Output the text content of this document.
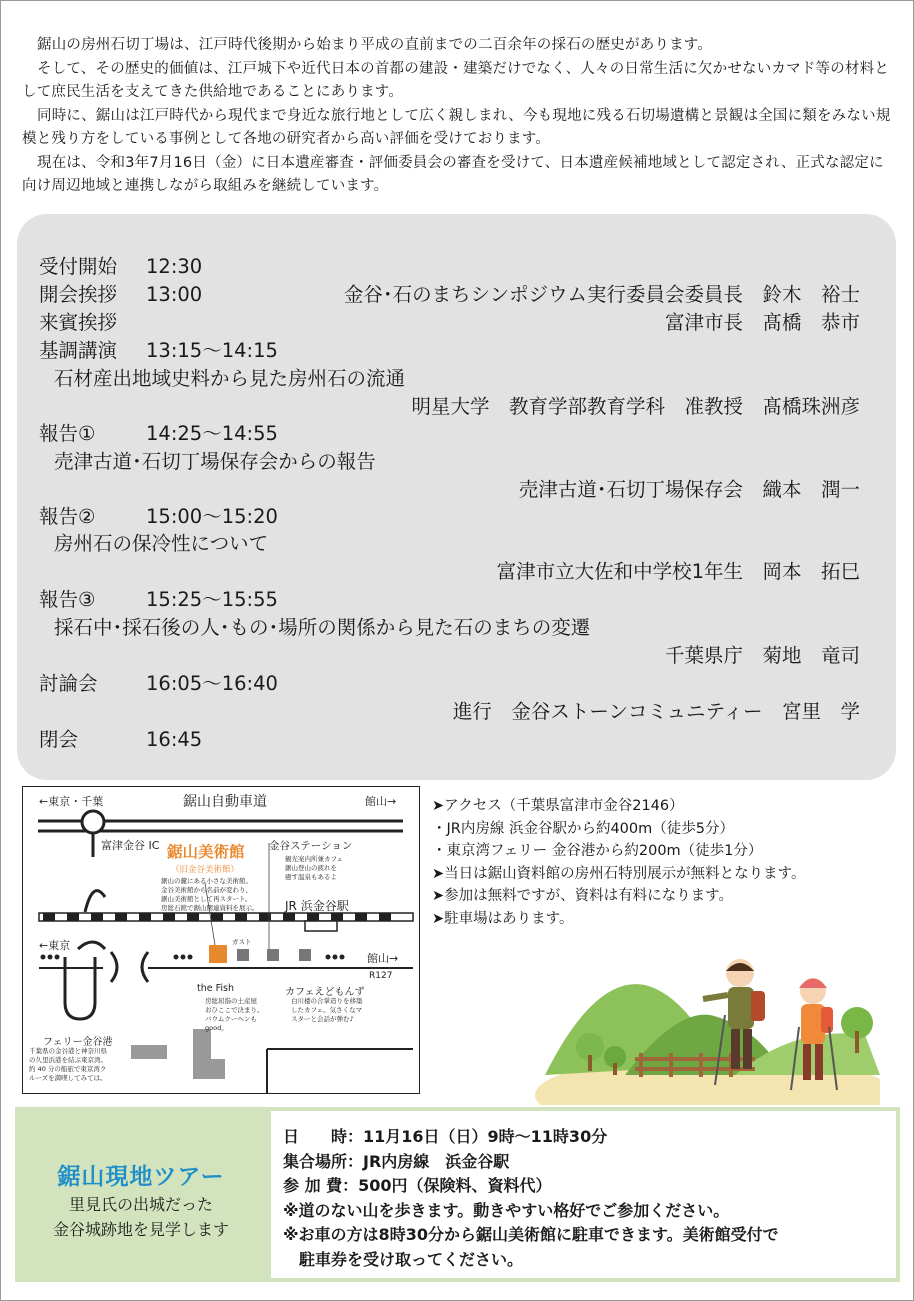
鋸山の房州石切丁場は、江戸時代後期から始まり平成の直前までの二百余年の採石の歴史があります。

そして、その歴史的価値は、江戸城下や近代日本の首都の建設・建築だけでなく、人々の日常生活に欠かせないカマド等の材料として庶民生活を支えてきた供給地であることにあります。

同時に、鋸山は江戸時代から現代まで身近な旅行地として広く親しまれ、今も現地に残る石切場遺構と景観は全国に類をみない規模と残り方をしている事例として各地の研究者から高い評価を受けております。

現在は、令和3年7月16日（金）に日本遺産審査・評価委員会の審査を受けて、日本遺産候補地域として認定され、正式な認定に向け周辺地域と連携しながら取組みを継続しています。

受付開始 12:30
開会挨拶 13:00	金谷･石のまちシンポジウム実行委員会委員長　鈴木　裕士
来賓挨拶	富津市長　髙橋　恭市
基調講演 13:15～14:15
石材産出地域史料から見た房州石の流通
明星大学　教育学部教育学科　准教授　髙橋珠洲彦
報告①	14:25～14:55
売津古道･石切丁場保存会からの報告
売津古道･石切丁場保存会　織本　潤一
報告②	15:00～15:20
房州石の保冷性について
富津市立大佐和中学校1年生　岡本　拓巳
報告③	15:25～15:55
採石中･採石後の人･もの･場所の関係から見た石のまちの変遷
千葉県庁　菊地　竜司
討論会 16:05～16:40
進行　金谷ストーンコミュニティー　宮里　学
閉会	16:45
←東京・千葉	鋸山自動車道	館山→
富津金谷 IC 鋸山美術館
（旧金谷美術館）
鋸山の麓にある小さな美術館。
金谷美術館から名前が変わり、
鋸山美術館として再スタート。
房総石館で鋸山関連資料を展示。
金谷ステーション
観光案内所兼カフェ
鋸山登山の疲れを
癒す温泉もあるよ
JR 浜金谷駅
←東京
館山→
ガスト
R127
the Fish
房総屈指の土産屋
おひここで決まり。
バウムクーヘンも
good。
カフェえどもんず
白川楼の合掌造りを移築
したカフェ。気さくなマ
スターと会話が弾む♪
フェリー金谷港
千葉県の金谷港と神奈川県
の久里浜港を結ぶ東京湾。
約 40 分の船旅で東京湾ク
ルーズを満喫してみては。
➤アクセス（千葉県富津市金谷2146）
・JR内房線 浜金谷駅から約400m（徒歩5分）
・東京湾フェリー 金谷港から約200m（徒歩1分）
➤当日は鋸山資料館の房州石特別展示が無料となります。
➤参加は無料ですが、資料は有料になります。
➤駐車場はあります。
鋸山現地ツアー
里見氏の出城だった
金谷城跡地を見学します
日　　時：11月16日（日）9時～11時30分
集合場所：JR内房線　浜金谷駅
参 加 費：500円（保険料、資料代）
※道のない山を歩きます。動きやすい格好でご参加ください。
※お車の方は8時30分から鋸山美術館に駐車できます。美術館受付で
駐車券を受け取ってください。
